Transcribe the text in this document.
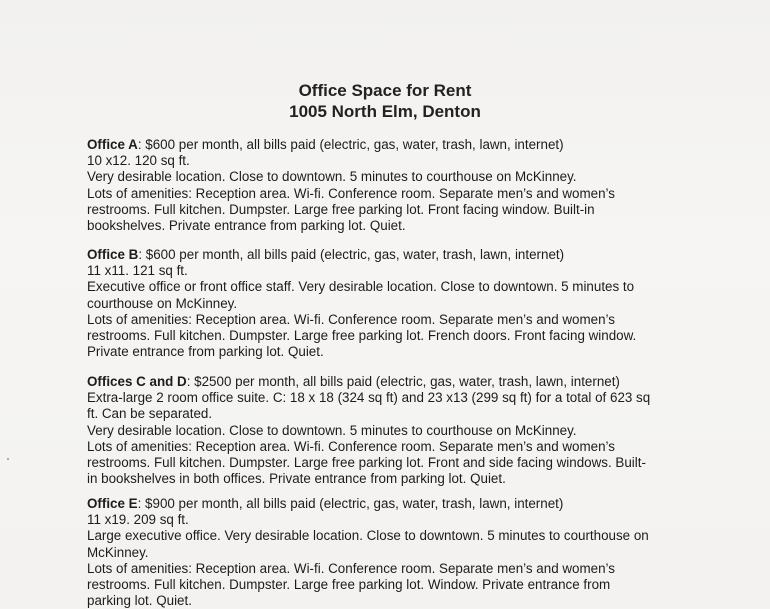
Office Space for Rent
1005 North Elm, Denton
Office A: $600 per month, all bills paid (electric, gas, water, trash, lawn, internet)
10 x12. 120 sq ft.
Very desirable location. Close to downtown. 5 minutes to courthouse on McKinney.
Lots of amenities: Reception area. Wi-fi. Conference room. Separate men’s and women’s
restrooms. Full kitchen. Dumpster. Large free parking lot. Front facing window. Built-in
bookshelves. Private entrance from parking lot. Quiet.
Office B: $600 per month, all bills paid (electric, gas, water, trash, lawn, internet)
11 x11. 121 sq ft.
Executive office or front office staff. Very desirable location. Close to downtown. 5 minutes to
courthouse on McKinney.
Lots of amenities: Reception area. Wi-fi. Conference room. Separate men’s and women’s
restrooms. Full kitchen. Dumpster. Large free parking lot. French doors. Front facing window.
Private entrance from parking lot. Quiet.
Offices C and D: $2500 per month, all bills paid (electric, gas, water, trash, lawn, internet)
Extra-large 2 room office suite. C: 18 x 18 (324 sq ft) and 23 x13 (299 sq ft) for a total of 623 sq
ft. Can be separated.
Very desirable location. Close to downtown. 5 minutes to courthouse on McKinney.
Lots of amenities: Reception area. Wi-fi. Conference room. Separate men’s and women’s
restrooms. Full kitchen. Dumpster. Large free parking lot. Front and side facing windows. Built-
in bookshelves in both offices. Private entrance from parking lot. Quiet.
Office E: $900 per month, all bills paid (electric, gas, water, trash, lawn, internet)
11 x19. 209 sq ft.
Large executive office. Very desirable location. Close to downtown. 5 minutes to courthouse on
McKinney.
Lots of amenities: Reception area. Wi-fi. Conference room. Separate men’s and women’s
restrooms. Full kitchen. Dumpster. Large free parking lot. Window. Private entrance from
parking lot. Quiet.
